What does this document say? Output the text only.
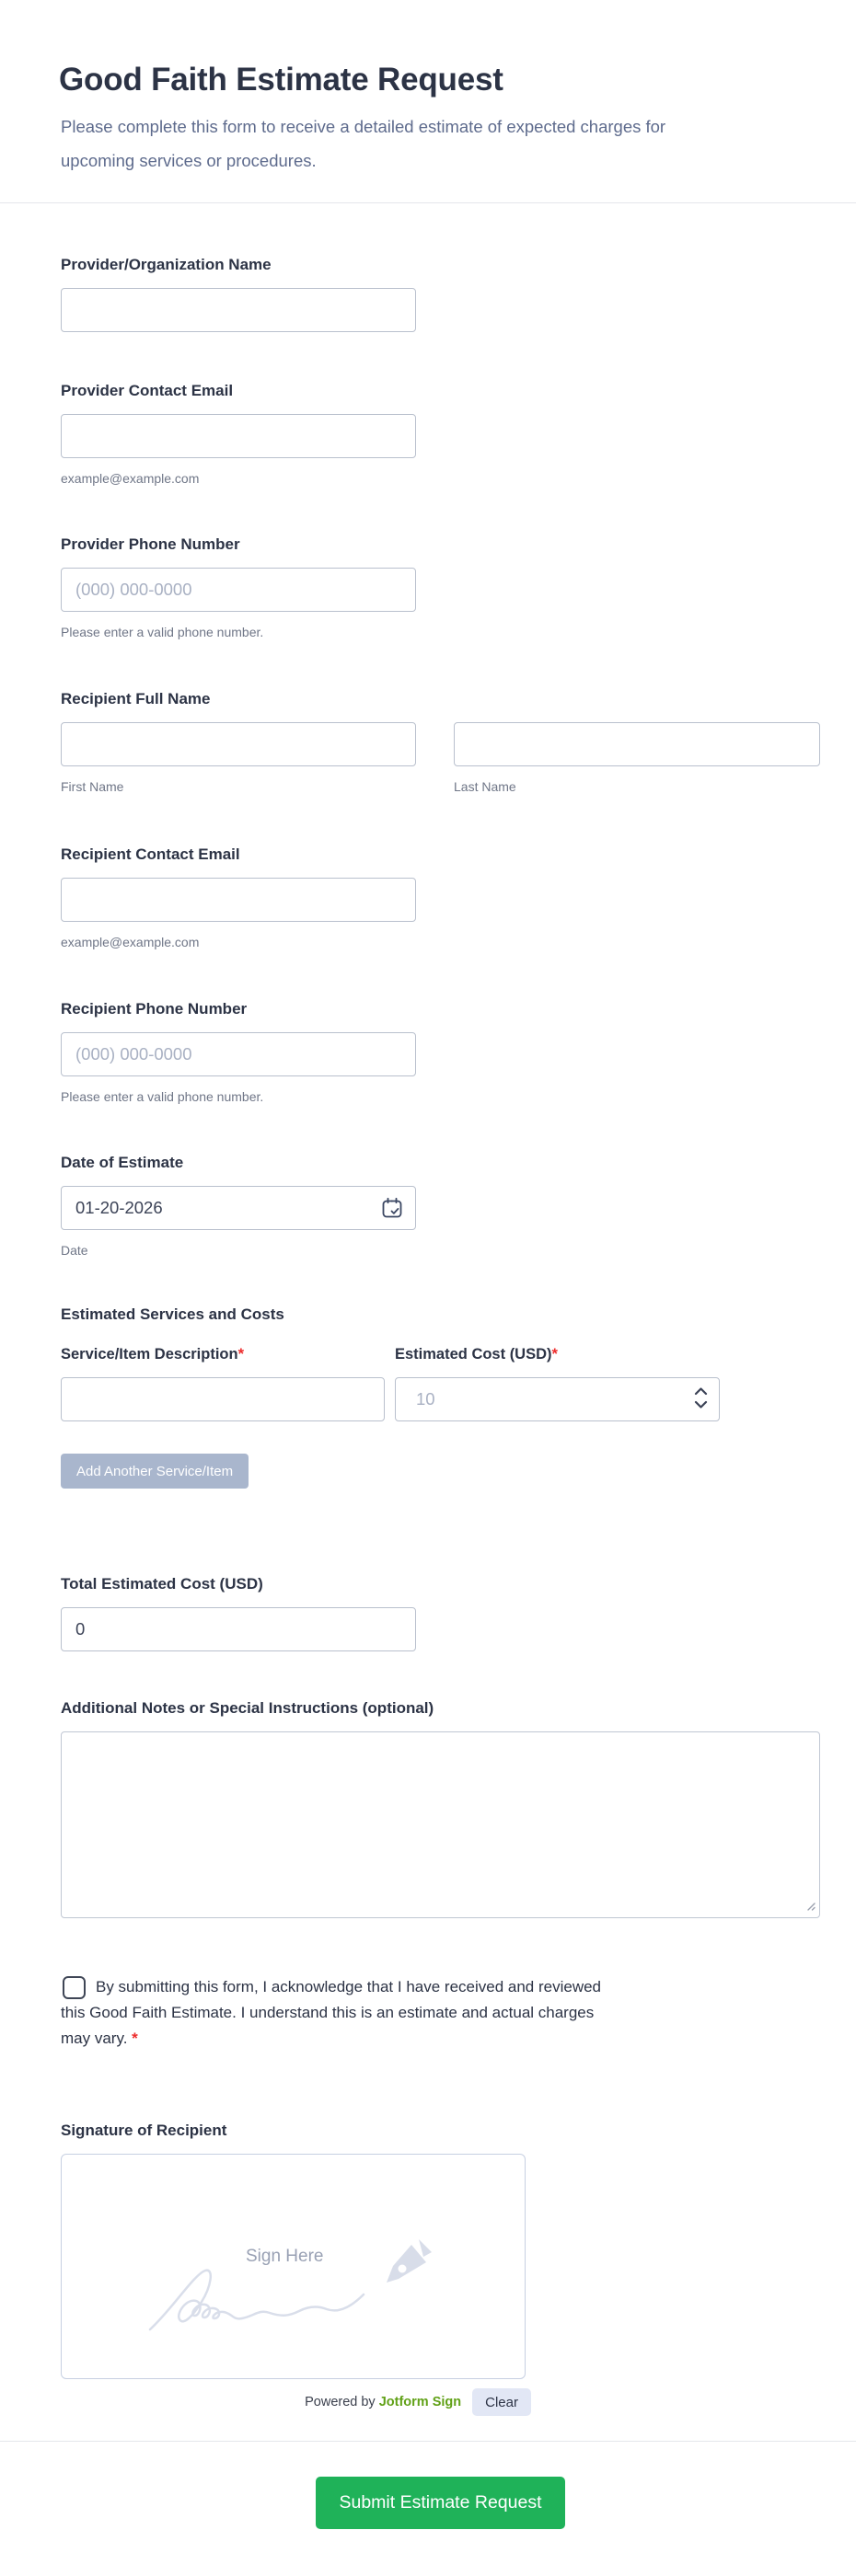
Good Faith Estimate Request

Please complete this form to receive a detailed estimate of expected charges for upcoming services or procedures.

Provider/Organization Name
Provider Contact Email
example@example.com
Provider Phone Number
(000) 000-0000
Please enter a valid phone number.
Recipient Full Name
First Name	Last Name
Recipient Contact Email
example@example.com
Recipient Phone Number
(000) 000-0000
Please enter a valid phone number.
Date of Estimate
01-20-2026
Date
Estimated Services and Costs
Service/Item Description*	Estimated Cost (USD)*
10
Add Another Service/Item
Total Estimated Cost (USD)
0
Additional Notes or Special Instructions (optional)
By submitting this form, I acknowledge that I have received and reviewed this Good Faith Estimate. I understand this is an estimate and actual charges may vary. *
Signature of Recipient
Sign Here
Powered by Jotform Sign	Clear
Submit Estimate Request
